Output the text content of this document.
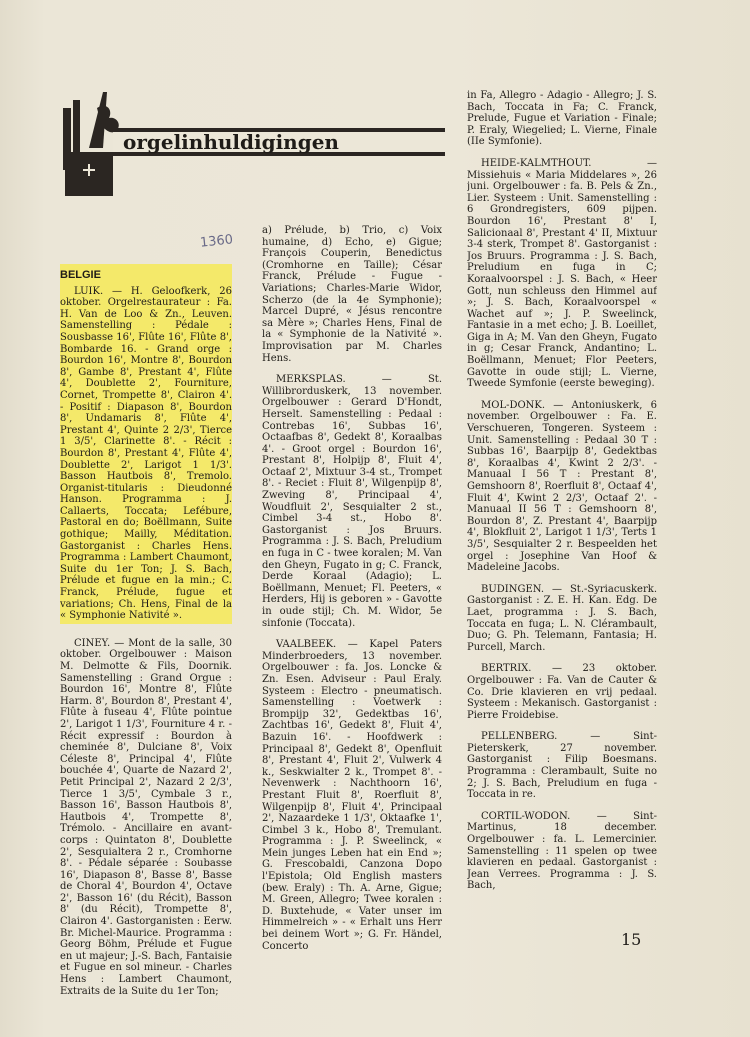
orgelinhuldigingen
1360

BELGIE

LUIK. — H. Geloofkerk, 26 oktober. Orgelrestaurateur : Fa. H. Van de Loo & Zn., Leuven. Samenstelling : Pédale : Sousbasse 16', Flûte 16', Flûte 8', Bombarde 16. - Grand orge : Bourdon 16', Montre 8', Bourdon 8', Gambe 8', Prestant 4', Flûte 4', Doublette 2', Fourniture, Cornet, Trompette 8', Clairon 4'. - Positif : Diapason 8', Bourdon 8', Undamaris 8', Flûte 4', Prestant 4', Quinte 2 2/3', Tierce 1 3/5', Clarinette 8'. - Récit : Bourdon 8', Prestant 4', Flûte 4', Doublette 2', Larigot 1 1/3'. Basson Hautbois 8', Tremolo. Organist-titularis : Dieudonné Hanson. Programma : J. Callaerts, Toccata; Lefébure, Pastoral en do; Boëllmann, Suite gothique; Mailly, Méditation. Gastorganist : Charles Hens. Programma : Lambert Chaumont, Suite du 1er Ton; J. S. Bach, Prélude et fugue en la min.; C. Franck, Prélude, fugue et variations; Ch. Hens, Final de la « Symphonie Nativité ».

CINEY. — Mont de la salle, 30 oktober. Orgelbouwer : Maison M. Delmotte & Fils, Doornik. Samenstelling : Grand Orgue : Bourdon 16', Montre 8', Flûte Harm. 8', Bourdon 8', Prestant 4', Flûte à fuseau 4', Flûte pointue 2', Larigot 1 1/3', Fourniture 4 r. - Récit expressif : Bourdon à cheminée 8', Dulciane 8', Voix Céleste 8', Principal 4', Flûte bouchée 4', Quarte de Nazard 2', Petit Principal 2', Nazard 2 2/3', Tierce 1 3/5', Cymbale 3 r., Basson 16', Basson Hautbois 8', Hautbois 4', Trompette 8', Trémolo. - Ancillaire en avant-corps : Quintaton 8', Doublette 2', Sesquialtera 2 r., Cromhorne 8'. - Pédale séparée : Soubasse 16', Diapason 8', Basse 8', Basse de Choral 4', Bourdon 4', Octave 2', Basson 16' (du Récit), Basson 8' (du Récit), Trompette 8', Clairon 4'. Gastorganisten : Eerw. Br. Michel-Maurice. Programma : Georg Böhm, Prélude et Fugue en ut majeur; J.-S. Bach, Fantaisie et Fugue en sol mineur. - Charles Hens : Lambert Chaumont, Extraits de la Suite du 1er Ton;

a) Prélude, b) Trio, c) Voix humaine, d) Echo, e) Gigue; François Couperin, Benedictus (Cromhorne en Taille); César Franck, Prélude - Fugue - Variations; Charles-Marie Widor, Scherzo (de la 4e Symphonie); Marcel Dupré, « Jésus rencontre sa Mère »; Charles Hens, Final de la « Symphonie de la Nativité ». Improvisation par M. Charles Hens.

MERKSPLAS. — St. Willibrorduskerk, 13 november. Orgelbouwer : Gerard D'Hondt, Herselt. Samenstelling : Pedaal : Contrebas 16', Subbas 16', Octaafbas 8', Gedekt 8', Koraalbas 4'. - Groot orgel : Bourdon 16', Prestant 8', Holpijp 8', Fluit 4', Octaaf 2', Mixtuur 3-4 st., Trompet 8'. - Reciet : Fluit 8', Wilgenpijp 8', Zweving 8', Principaal 4', Woudfluit 2', Sesquialter 2 st., Cimbel 3-4 st., Hobo 8'. Gastorganist : Jos Bruurs. Programma : J. S. Bach, Preludium en fuga in C - twee koralen; M. Van den Gheyn, Fugato in g; C. Franck, Derde Koraal (Adagio); L. Boëllmann, Menuet; Fl. Peeters, « Herders, Hij is geboren » - Gavotte in oude stijl; Ch. M. Widor, 5e sinfonie (Toccata).

VAALBEEK. — Kapel Paters Minderbroeders, 13 november. Orgelbouwer : fa. Jos. Loncke & Zn. Esen. Adviseur : Paul Eraly. Systeem : Electro - pneumatisch. Samenstelling : Voetwerk : Brompijp 32', Gedektbas 16', Zachtbas 16', Gedekt 8', Fluit 4', Bazuin 16'. - Hoofdwerk : Principaal 8', Gedekt 8', Openfluit 8', Prestant 4', Fluit 2', Vulwerk 4 k., Seskwialter 2 k., Trompet 8'. - Nevenwerk : Nachthoorn 16', Prestant Fluit 8', Roerfluit 8', Wilgenpijp 8', Fluit 4', Principaal 2', Nazaardeke 1 1/3', Oktaafke 1', Cimbel 3 k., Hobo 8', Tremulant. Programma : J. P. Sweelinck, « Mein junges Leben hat ein End »; G. Frescobaldi, Canzona Dopo l'Epistola; Old English masters (bew. Eraly) : Th. A. Arne, Gigue; M. Green, Allegro; Twee koralen : D. Buxtehude, « Vater unser im Himmelreich » - « Erhalt uns Herr bei deinem Wort »; G. Fr. Händel, Concerto

in Fa, Allegro - Adagio - Allegro; J. S. Bach, Toccata in Fa; C. Franck, Prelude, Fugue et Variation - Finale; P. Eraly, Wiegelied; L. Vierne, Finale (IIe Symfonie).

HEIDE-KALMTHOUT. — Missiehuis « Maria Middelares », 26 juni. Orgelbouwer : fa. B. Pels & Zn., Lier. Systeem : Unit. Samenstelling : 6 Grondregisters, 609 pijpen. Bourdon 16', Prestant 8' I, Salicionaal 8', Prestant 4' II, Mixtuur 3-4 sterk, Trompet 8'. Gastorganist : Jos Bruurs. Programma : J. S. Bach, Preludium en fuga in C; Koraalvoorspel : J. S. Bach, « Heer Gott, nun schleuss den Himmel auf »; J. S. Bach, Koraalvoorspel « Wachet auf »; J. P. Sweelinck, Fantasie in a met echo; J. B. Loeillet, Giga in A; M. Van den Gheyn, Fugato in g; Cesar Franck, Andantino; L. Boëllmann, Menuet; Flor Peeters, Gavotte in oude stijl; L. Vierne, Tweede Symfonie (eerste beweging).

MOL-DONK. — Antoniuskerk, 6 november. Orgelbouwer : Fa. E. Verschueren, Tongeren. Systeem : Unit. Samenstelling : Pedaal 30 T : Subbas 16', Baarpijp 8', Gedektbas 8', Koraalbas 4', Kwint 2 2/3'. - Manuaal I 56 T : Prestant 8', Gemshoorn 8', Roerfluit 8', Octaaf 4', Fluit 4', Kwint 2 2/3', Octaaf 2'. - Manuaal II 56 T : Gemshoorn 8', Bourdon 8', Z. Prestant 4', Baarpijp 4', Blokfluit 2', Larigot 1 1/3', Terts 1 3/5', Sesquialter 2 r. Bespeelden het orgel : Josephine Van Hoof & Madeleine Jacobs.

BUDINGEN. — St.-Syriacuskerk. Gastorganist : Z. E. H. Kan. Edg. De Laet, programma : J. S. Bach, Toccata en fuga; L. N. Clérambault, Duo; G. Ph. Telemann, Fantasia; H. Purcell, March.

BERTRIX. — 23 oktober. Orgelbouwer : Fa. Van de Cauter & Co. Drie klavieren en vrij pedaal. Systeem : Mekanisch. Gastorganist : Pierre Froidebise.

PELLENBERG. — Sint-Pieterskerk, 27 november. Gastorganist : Filip Boesmans. Programma : Clerambault, Suite no 2; J. S. Bach, Preludium en fuga - Toccata in re.

CORTIL-WODON. — Sint-Martinus, 18 december. Orgelbouwer : fa. L. Lemercinier. Samenstelling : 11 spelen op twee klavieren en pedaal. Gastorganist : Jean Verrees. Programma : J. S. Bach,

15
